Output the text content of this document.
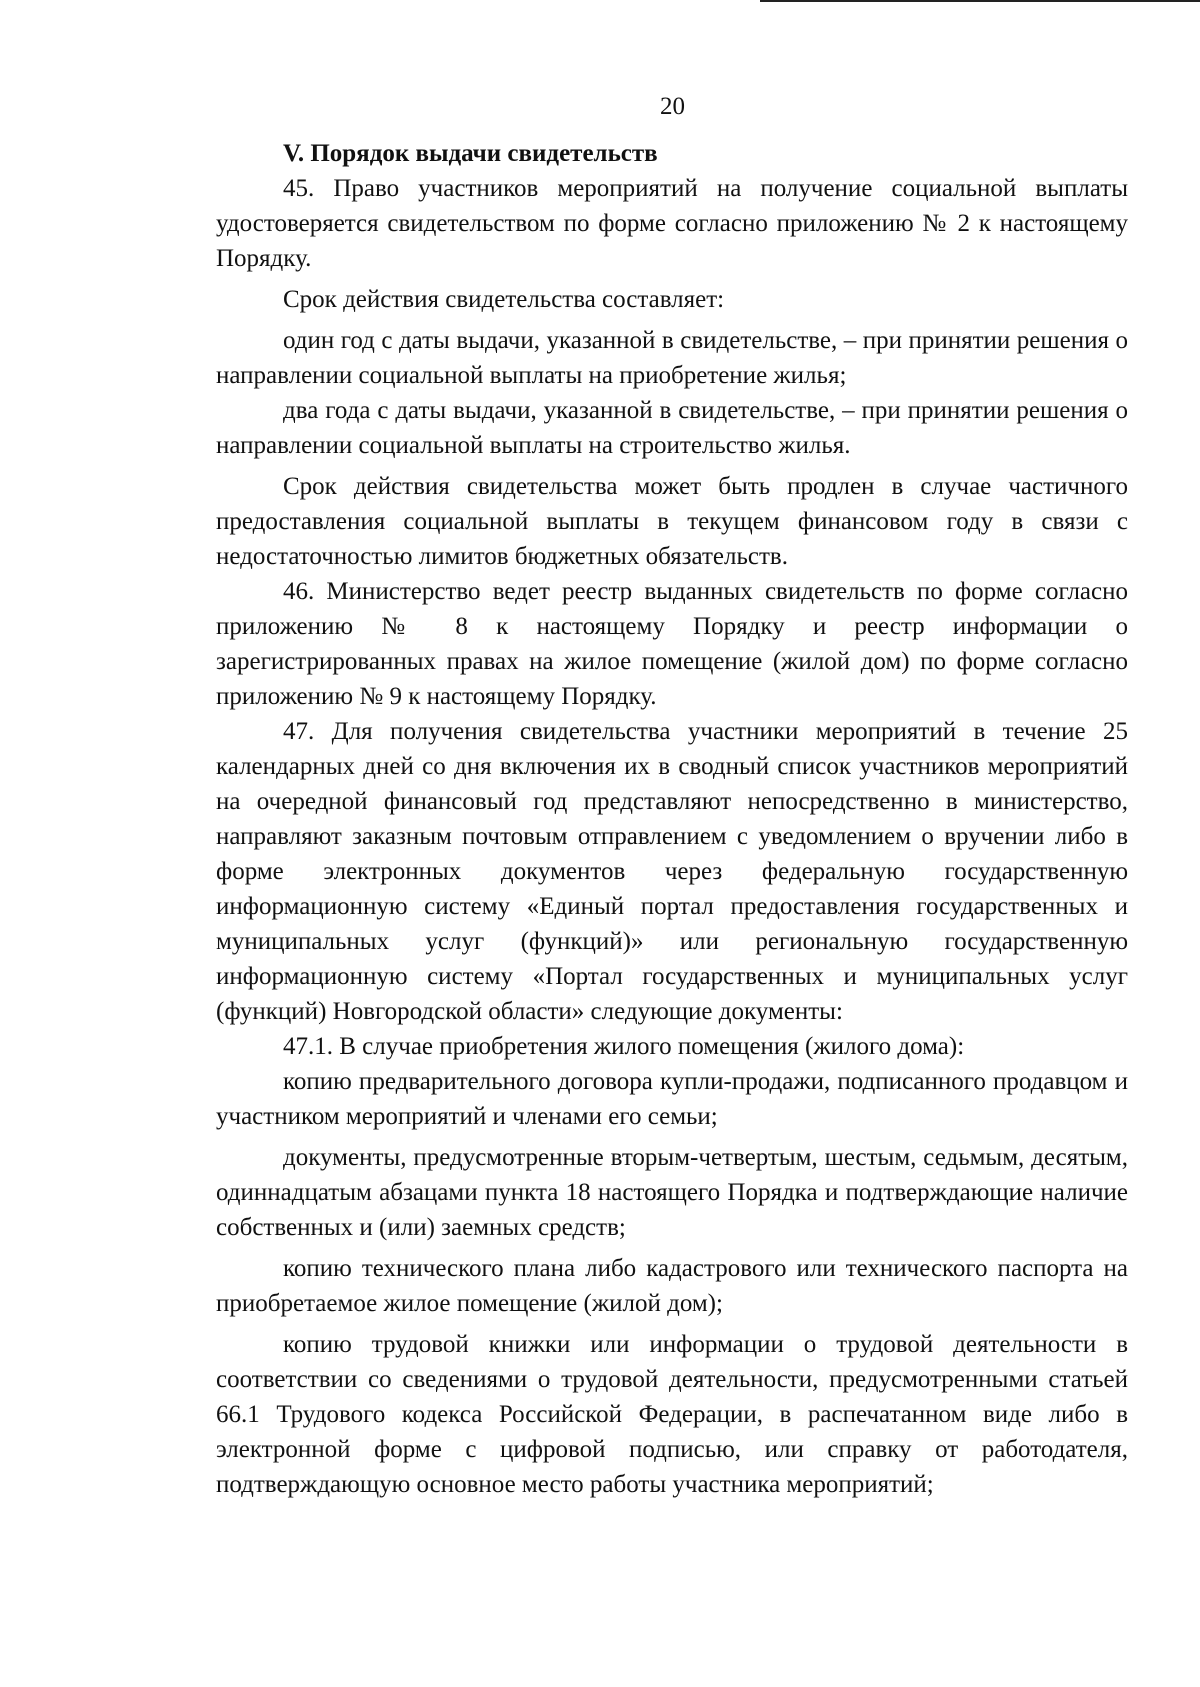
20
V. Порядок выдачи свидетельств

45. Право участников мероприятий на получение социальной выплаты удостоверяется свидетельством по форме согласно приложению № 2 к настоящему Порядку.

Срок действия свидетельства составляет:

один год с даты выдачи, указанной в свидетельстве, – при принятии решения о направлении социальной выплаты на приобретение жилья;

два года с даты выдачи, указанной в свидетельстве, – при принятии решения о направлении социальной выплаты на строительство жилья.

Срок действия свидетельства может быть продлен в случае частичного предоставления социальной выплаты в текущем финансовом году в связи с недостаточностью лимитов бюджетных обязательств.

46. Министерство ведет реестр выданных свидетельств по форме согласно приложению № 8 к настоящему Порядку и реестр информации о зарегистрированных правах на жилое помещение (жилой дом) по форме согласно приложению № 9 к настоящему Порядку.

47. Для получения свидетельства участники мероприятий в течение 25 календарных дней со дня включения их в сводный список участников мероприятий на очередной финансовый год представляют непосредственно в министерство, направляют заказным почтовым отправлением с уведомлением о вручении либо в форме электронных документов через федеральную государственную информационную систему «Единый портал предоставления государственных и муниципальных услуг (функций)» или региональную государственную информационную систему «Портал государственных и муниципальных услуг (функций) Новгородской области» следующие документы:

47.1. В случае приобретения жилого помещения (жилого дома):

копию предварительного договора купли-продажи, подписанного продавцом и участником мероприятий и членами его семьи;

документы, предусмотренные вторым-четвертым, шестым, седьмым, десятым, одиннадцатым абзацами пункта 18 настоящего Порядка и подтверждающие наличие собственных и (или) заемных средств;

копию технического плана либо кадастрового или технического паспорта на приобретаемое жилое помещение (жилой дом);

копию трудовой книжки или информации о трудовой деятельности в соответствии со сведениями о трудовой деятельности, предусмотренными статьей 66.1 Трудового кодекса Российской Федерации, в распечатанном виде либо в электронной форме с цифровой подписью, или справку от работодателя, подтверждающую основное место работы участника мероприятий;
